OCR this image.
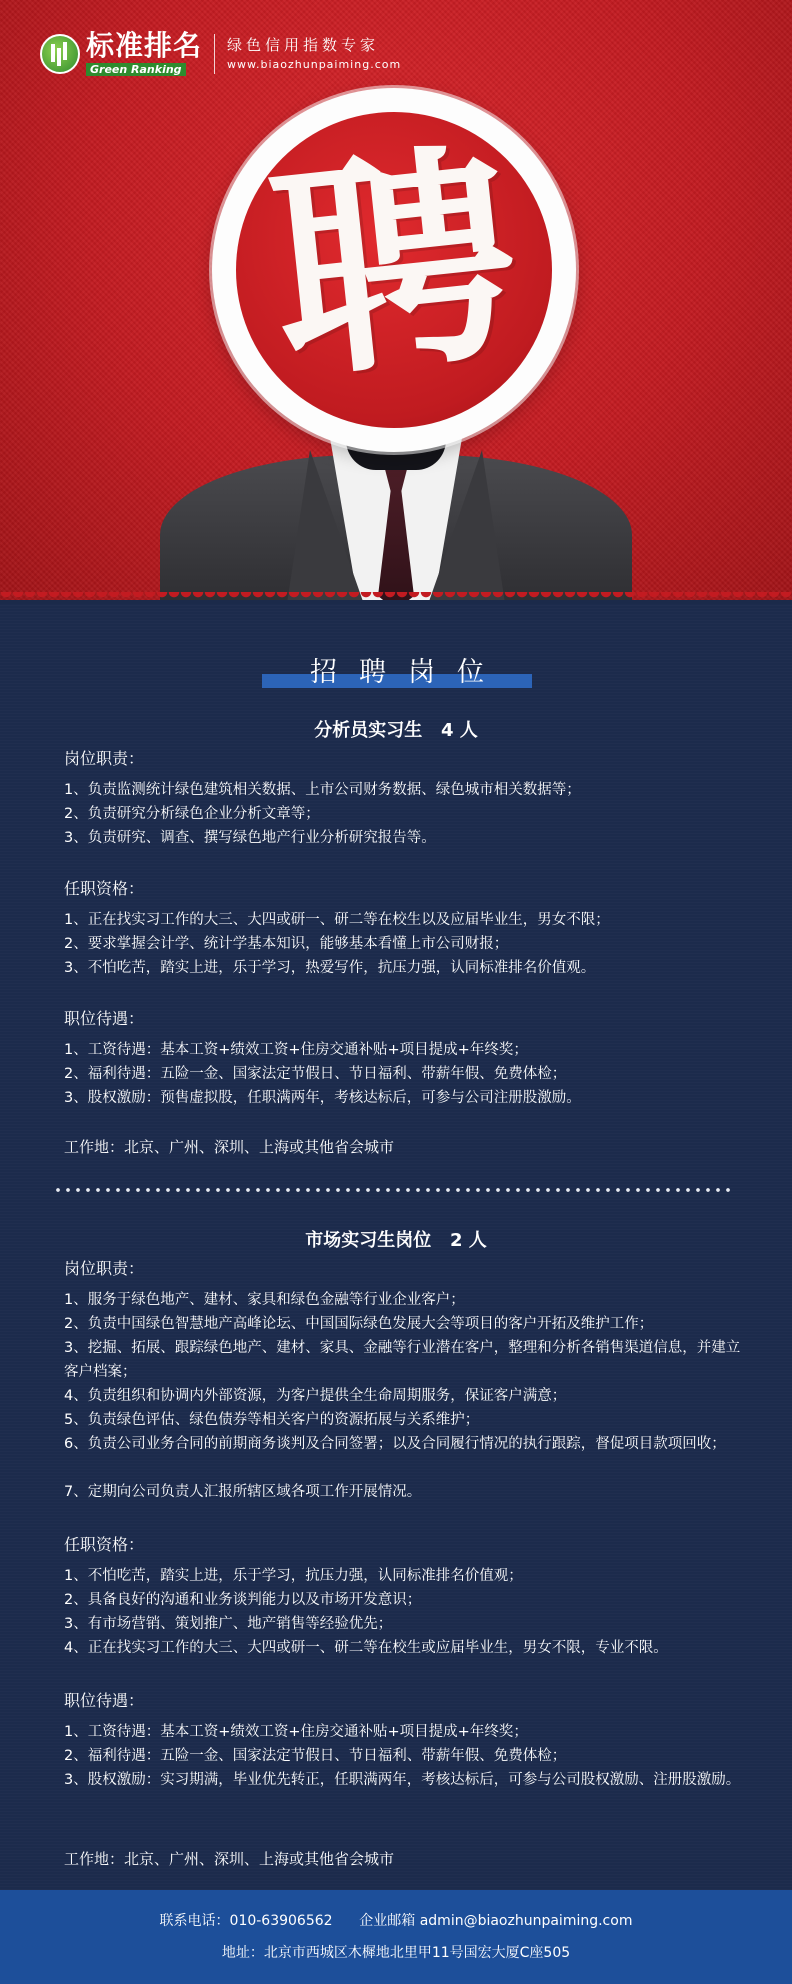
标准排名
Green Ranking
绿色信用指数专家
www.biaozhunpaiming.com
聘
招聘岗位
分析员实习生   4 人
岗位职责：
1、负责监测统计绿色建筑相关数据、上市公司财务数据、绿色城市相关数据等；
2、负责研究分析绿色企业分析文章等；
3、负责研究、调查、撰写绿色地产行业分析研究报告等。
任职资格：
1、正在找实习工作的大三、大四或研一、研二等在校生以及应届毕业生，男女不限；
2、要求掌握会计学、统计学基本知识，能够基本看懂上市公司财报；
3、不怕吃苦，踏实上进，乐于学习，热爱写作，抗压力强，认同标准排名价值观。
职位待遇：
1、工资待遇：基本工资+绩效工资+住房交通补贴+项目提成+年终奖；
2、福利待遇：五险一金、国家法定节假日、节日福利、带薪年假、免费体检；
3、股权激励：预售虚拟股，任职满两年，考核达标后，可参与公司注册股激励。
工作地：北京、广州、深圳、上海或其他省会城市
市场实习生岗位   2 人
岗位职责：
1、服务于绿色地产、建材、家具和绿色金融等行业企业客户；
2、负责中国绿色智慧地产高峰论坛、中国国际绿色发展大会等项目的客户开拓及维护工作；
3、挖掘、拓展、跟踪绿色地产、建材、家具、金融等行业潜在客户，整理和分析各销售渠道信息，并建立客户档案；
4、负责组织和协调内外部资源，为客户提供全生命周期服务，保证客户满意；
5、负责绿色评估、绿色债券等相关客户的资源拓展与关系维护；
6、负责公司业务合同的前期商务谈判及合同签署；以及合同履行情况的执行跟踪，督促项目款项回收；
7、定期向公司负责人汇报所辖区域各项工作开展情况。
任职资格：
1、不怕吃苦，踏实上进，乐于学习，抗压力强，认同标准排名价值观；
2、具备良好的沟通和业务谈判能力以及市场开发意识；
3、有市场营销、策划推广、地产销售等经验优先；
4、正在找实习工作的大三、大四或研一、研二等在校生或应届毕业生，男女不限，专业不限。
职位待遇：
1、工资待遇：基本工资+绩效工资+住房交通补贴+项目提成+年终奖；
2、福利待遇：五险一金、国家法定节假日、节日福利、带薪年假、免费体检；
3、股权激励：实习期满，毕业优先转正，任职满两年，考核达标后，可参与公司股权激励、注册股激励。
工作地：北京、广州、深圳、上海或其他省会城市
联系电话：010-63906562      企业邮箱 admin@biaozhunpaiming.com
地址：北京市西城区木樨地北里甲11号国宏大厦C座505
